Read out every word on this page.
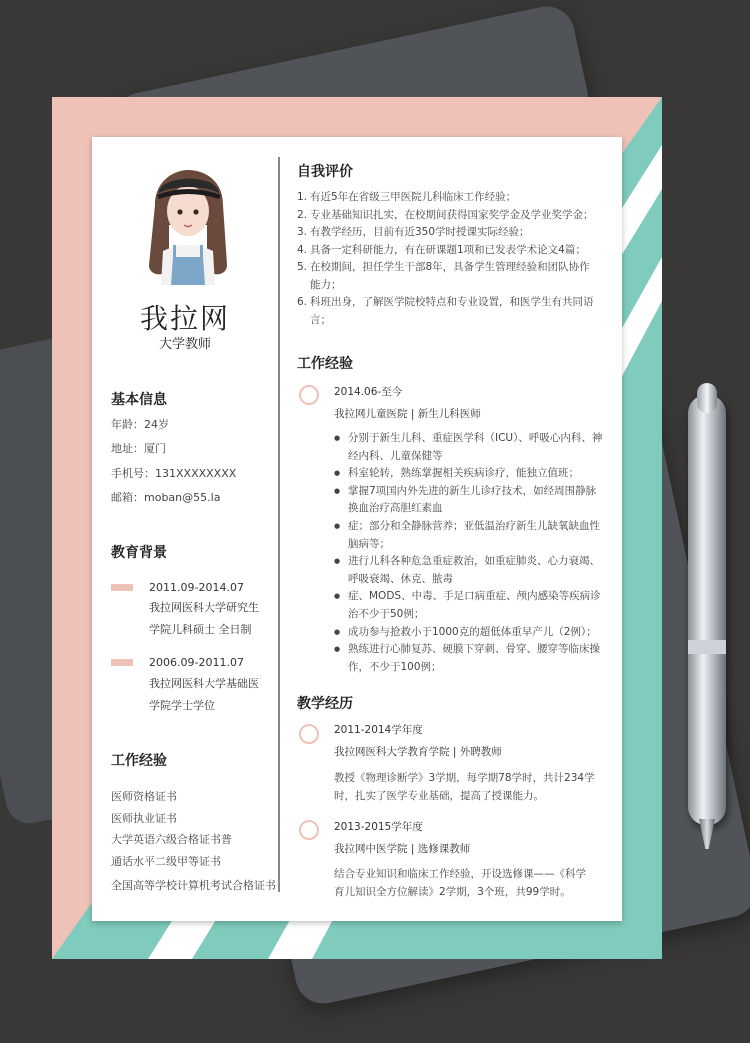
我拉网
大学教师
基本信息
年龄：24岁
地址：厦门
手机号：131XXXXXXXX
邮箱：moban@55.la
教育背景
2011.09-2014.07
我拉网医科大学研究生学院儿科硕士 全日制
2006.09-2011.07
我拉网医科大学基础医学院学士学位
工作经验
医师资格证书
医师执业证书
大学英语六级合格证书普
通话水平二级甲等证书
全国高等学校计算机考试合格证书
自我评价
1. 有近5年在省级三甲医院儿科临床工作经验；
2. 专业基础知识扎实，在校期间获得国家奖学金及学业奖学金；
3. 有教学经历，目前有近350学时授课实际经验；
4. 具备一定科研能力，有在研课题1项和已发表学术论文4篇；
5. 在校期间，担任学生干部8年，具备学生管理经验和团队协作能力；
6. 科班出身，了解医学院校特点和专业设置，和医学生有共同语言；
工作经验
2014.06-至今
我拉网儿童医院 | 新生儿科医师
● 分别于新生儿科、重症医学科（ICU）、呼吸心内科、神经内科、儿童保健等
● 科室轮转，熟练掌握相关疾病诊疗，能独立值班；
● 掌握7项国内外先进的新生儿诊疗技术，如经周围静脉换血治疗高胆红素血
● 症；部分和全静脉营养；亚低温治疗新生儿缺氧缺血性脑病等；
● 进行儿科各种危急重症救治，如重症肺炎、心力衰竭、呼吸衰竭、休克、脓毒
● 症、MODS、中毒、手足口病重症、颅内感染等疾病诊治不少于50例；
● 成功参与抢救小于1000克的超低体重早产儿（2例）；
● 熟练进行心肺复苏、硬膜下穿刺、骨穿、腰穿等临床操作，不少于100例；
教学经历
2011-2014学年度
我拉网医科大学教育学院 | 外聘教师
教授《物理诊断学》3学期，每学期78学时，共计234学时，扎实了医学专业基础，提高了授课能力。
2013-2015学年度
我拉网中医学院 | 选修课教师
结合专业知识和临床工作经验，开设选修课——《科学育儿知识全方位解读》2学期，3个班，共99学时。
